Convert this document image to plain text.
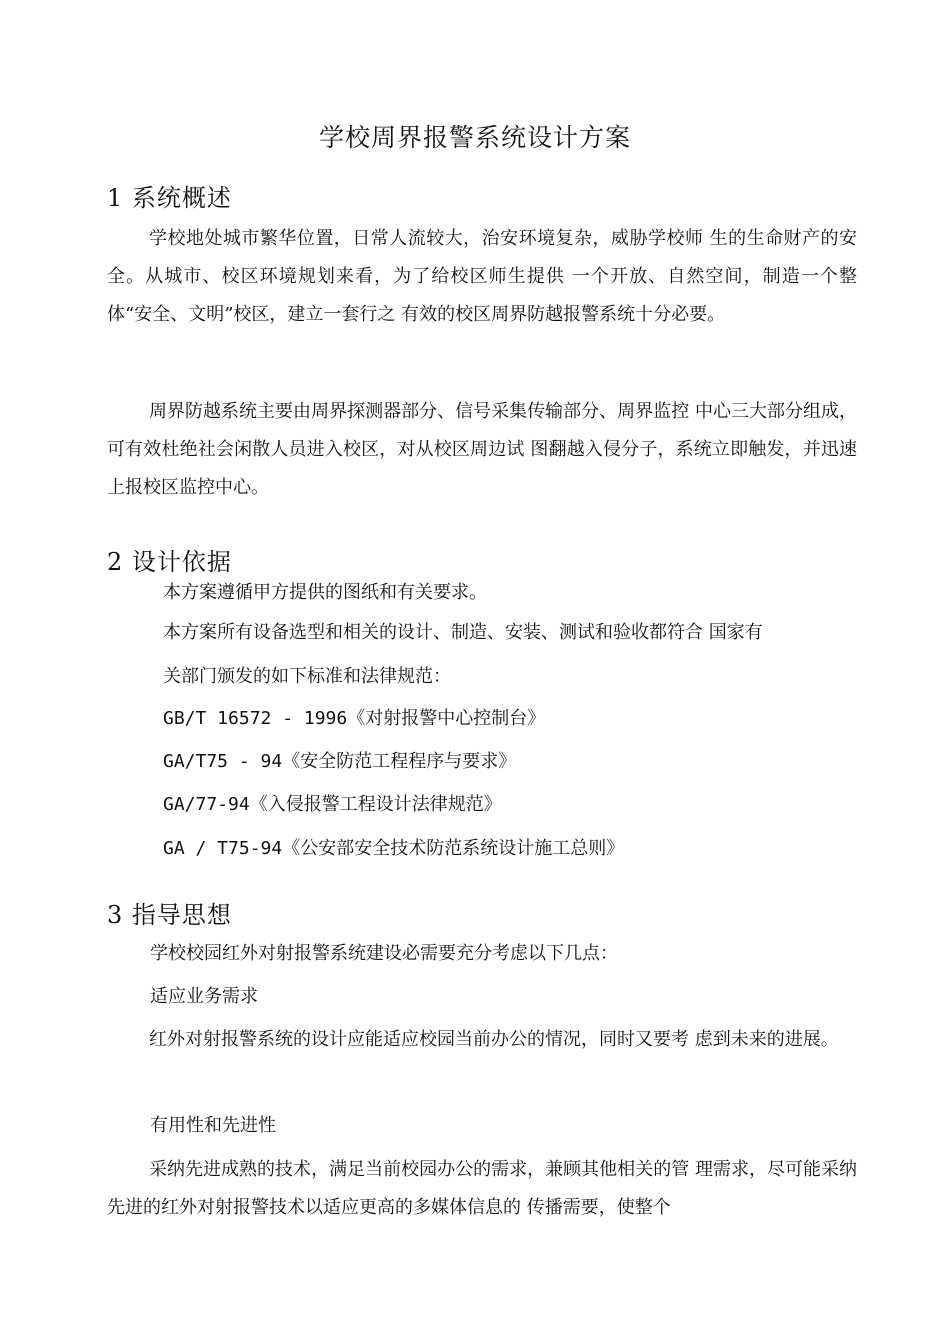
学校周界报警系统设计方案
1 系统概述

学校地处城市繁华位置，日常人流较大，治安环境复杂，威胁学校师 生的生命财产的安全。从城市、校区环境规划来看，为了给校区师生提供 一个开放、自然空间，制造一个整体“安全、文明”校区，建立一套行之 有效的校区周界防越报警系统十分必要。

周界防越系统主要由周界探测器部分、信号采集传输部分、周界监控 中心三大部分组成，可有效杜绝社会闲散人员进入校区，对从校区周边试 图翻越入侵分子，系统立即触发，并迅速上报校区监控中心。

2 设计依据
本方案遵循甲方提供的图纸和有关要求。
本方案所有设备选型和相关的设计、制造、安装、测试和验收都符合 国家有
关部门颁发的如下标准和法律规范：
GB/T 16572 - 1996《对射报警中心控制台》
GA/T75 - 94《安全防范工程程序与要求》
GA/77-94《入侵报警工程设计法律规范》
GA / T75-94《公安部安全技术防范系统设计施工总则》
3 指导思想
学校校园红外对射报警系统建设必需要充分考虑以下几点：
适应业务需求

红外对射报警系统的设计应能适应校园当前办公的情况，同时又要考 虑到未来的进展。

有用性和先进性

采纳先进成熟的技术，满足当前校园办公的需求，兼顾其他相关的管 理需求，尽可能采纳先进的红外对射报警技术以适应更高的多媒体信息的 传播需要，使整个
